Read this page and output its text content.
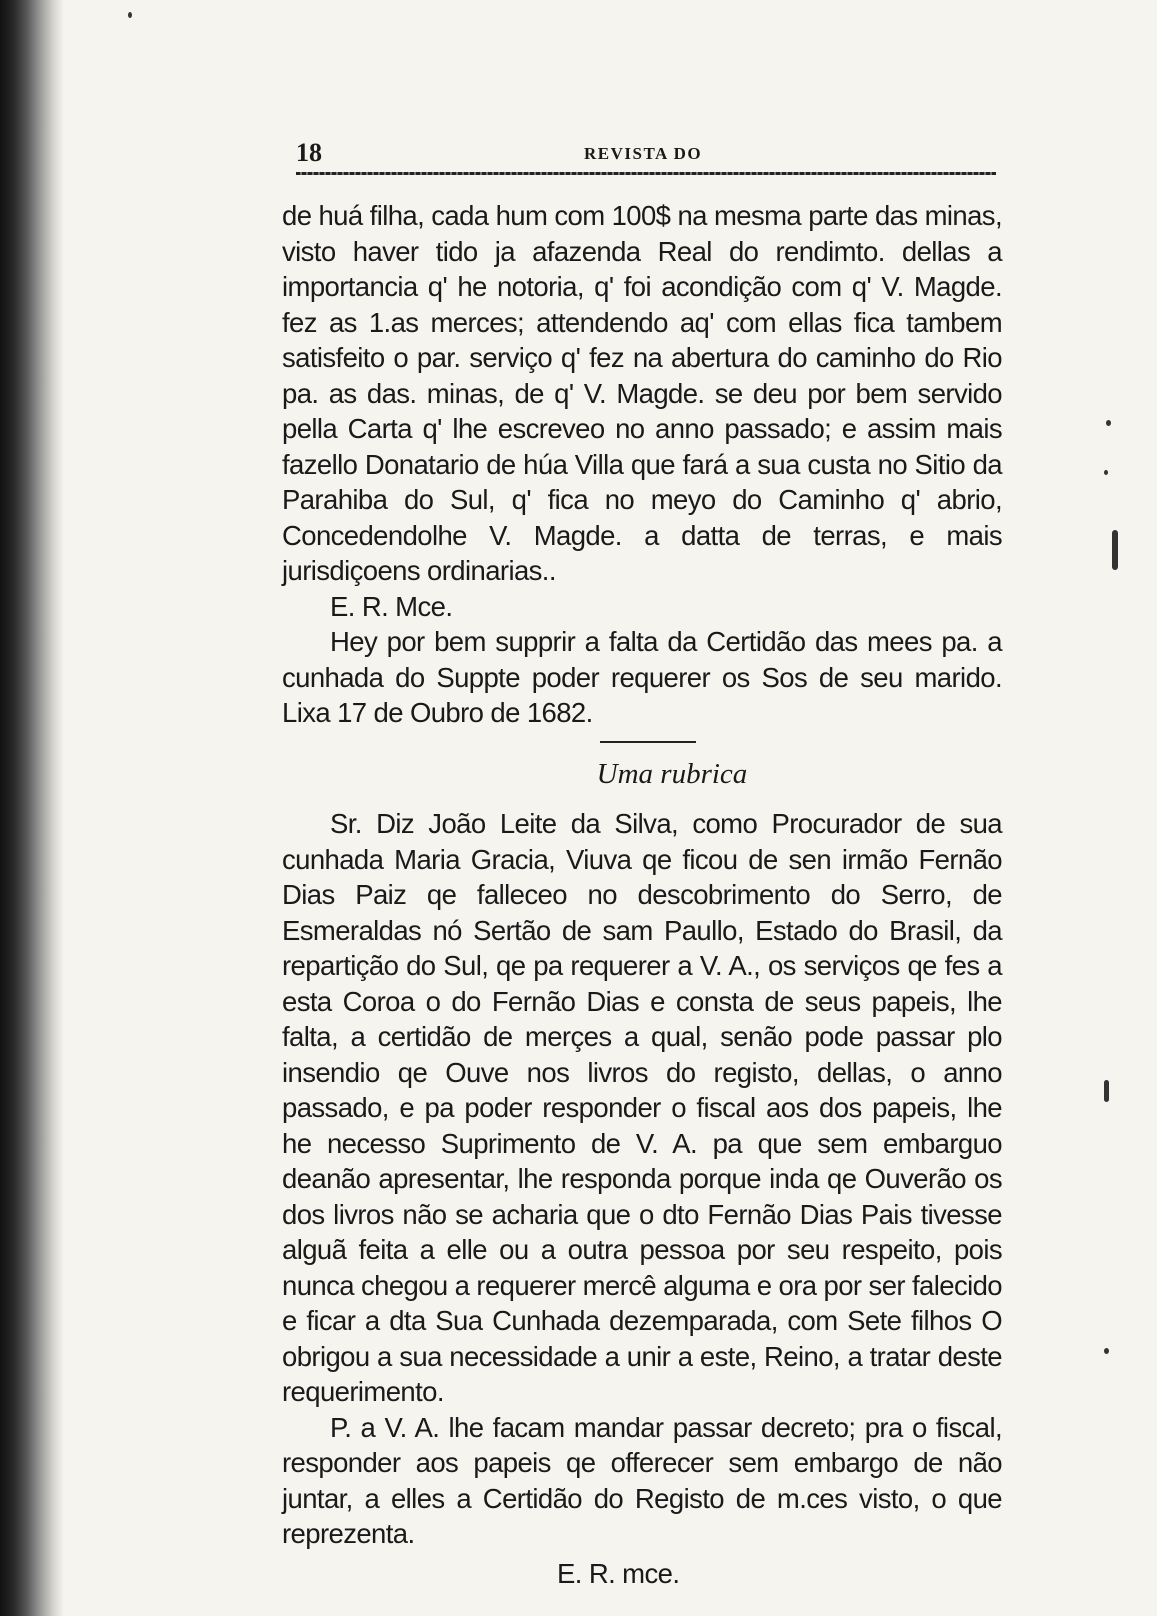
18	REVISTA DO

de huá filha, cada hum com 100$ na mesma parte das minas, visto haver tido ja afazenda Real do rendimto. dellas a importancia q' he notoria, q' foi acondição com q' V. Magde. fez as 1.as merces; attendendo aq' com ellas fica tambem satisfeito o par. serviço q' fez na abertura do caminho do Rio pa. as das. minas, de q' V. Magde. se deu por bem servido pella Carta q' lhe escreveo no anno passado; e assim mais fazello Donatario de húa Villa que fará a sua custa no Sitio da Parahiba do Sul, q' fica no meyo do Caminho q' abrio, Concedendolhe V. Magde. a datta de terras, e mais jurisdiçoens ordinarias..

E. R. Mce.

Hey por bem supprir a falta da Certidão das mees pa. a cunhada do Suppte poder requerer os Sos de seu marido. Lixa 17 de Oubro de 1682.

Uma rubrica

Sr. Diz João Leite da Silva, como Procurador de sua cunhada Maria Gracia, Viuva qe ficou de sen irmão Fernão Dias Paiz qe falleceo no descobrimento do Serro, de Esmeraldas nó Sertão de sam Paullo, Estado do Brasil, da repartição do Sul, qe pa requerer a V. A., os serviços qe fes a esta Coroa o do Fernão Dias e consta de seus papeis, lhe falta, a certidão de merçes a qual, senão pode passar plo insendio qe Ouve nos livros do registo, dellas, o anno passado, e pa poder responder o fiscal aos dos papeis, lhe he necesso Suprimento de V. A. pa que sem embarguo deanão apresentar, lhe responda porque inda qe Ouverão os dos livros não se acharia que o dto Fernão Dias Pais tivesse alguã feita a elle ou a outra pessoa por seu respeito, pois nunca chegou a requerer mercê alguma e ora por ser falecido e ficar a dta Sua Cunhada dezemparada, com Sete filhos O obrigou a sua necessidade a unir a este, Reino, a tratar deste requerimento.

P. a V. A. lhe facam mandar passar decreto; pra o fiscal, responder aos papeis qe offerecer sem embargo de não juntar, a elles a Certidão do Registo de m.ces visto, o que reprezenta.

E. R. mce.
